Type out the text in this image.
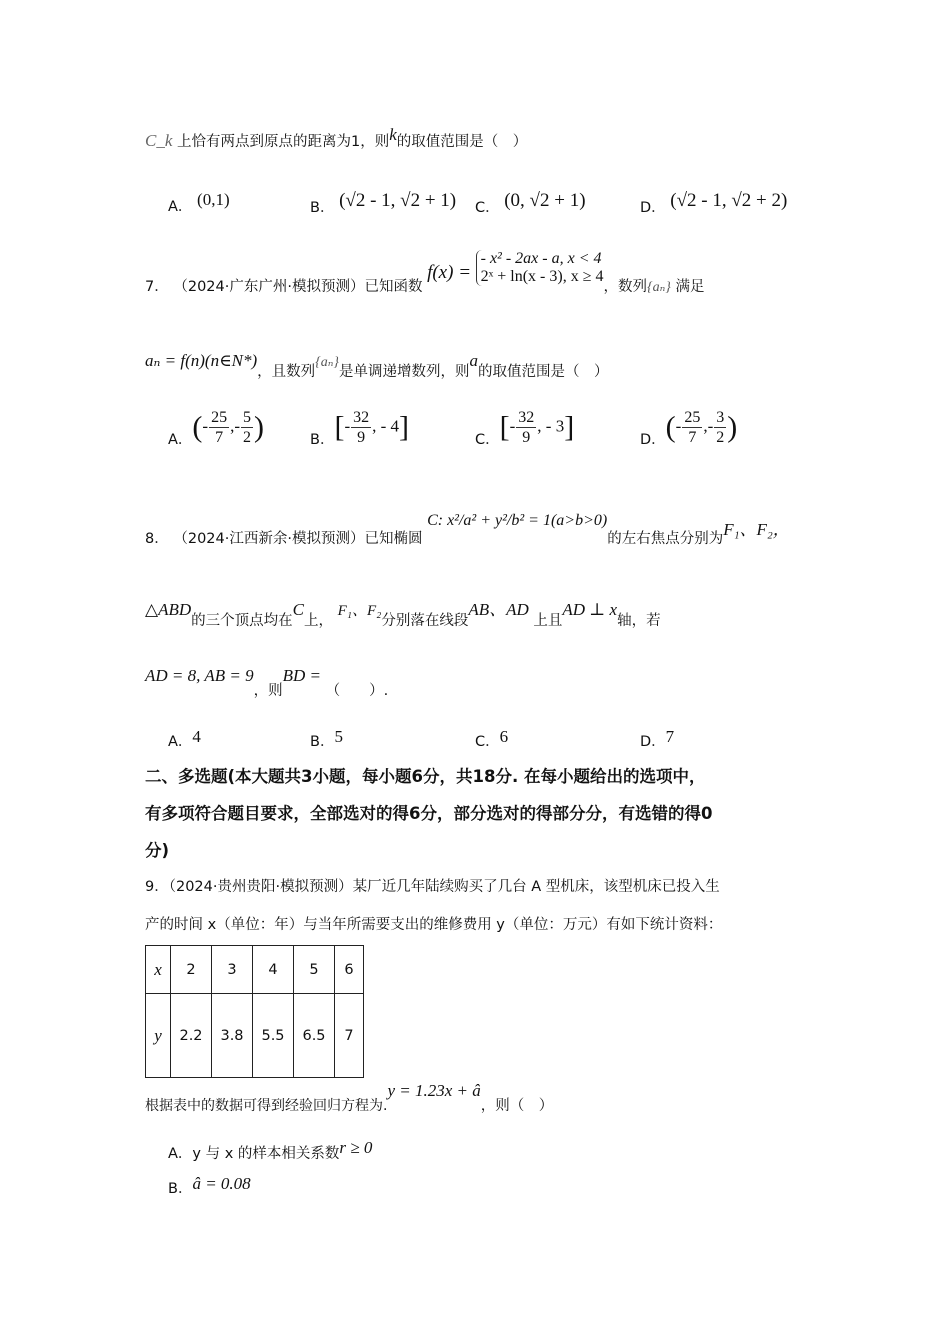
C_k 上恰有两点到原点的距离为1，则k的取值范围是（　）
A． (0,1)	B． (√2 - 1, √2 + 1) C． (0, √2 + 1)	D． (√2 - 1, √2 + 2)
7． （2024·广东广州·模拟预测）已知函数 f(x) =
- x² - 2ax - a, x < 4
2ˣ + ln(x - 3), x ≥ 4
，数列{aₙ} 满足
aₙ = f(n)(n∈N*)，且数列{aₙ}是单调递增数列，则a的取值范围是（　）
A．(- $\frac{25}{7}$ ,- $\frac{5}{2}$ )	B．[- $\frac{32}{9}$ , - 4]	C．[- $\frac{32}{9}$ , - 3]	D．(- $\frac{25}{7}$ ,- $\frac{3}{2}$ )
8． （2024·江西新余·模拟预测）已知椭圆 C: x²/a² + y²/b² = 1(a>b>0)的左右焦点分别为F₁、F₂，
△ABD的三个顶点均在C上， F₁、F₂分别落在线段AB、AD 上且AD ⊥ x轴，若
AD = 8, AB = 9，则BD = （　　）.
A．4	B．5	C．6	D．7
二、多选题(本大题共3小题，每小题6分，共18分. 在每小题给出的选项中，
有多项符合题目要求，全部选对的得6分，部分选对的得部分分，有选错的得0
分)
9．（2024·贵州贵阳·模拟预测）某厂近几年陆续购买了几台 A 型机床，该型机床已投入生
产的时间 x（单位：年）与当年所需要支出的维修费用 y（单位：万元）有如下统计资料：
x	2	3	4	5	6
y	2.2	3.8	5.5	6.5	7
根据表中的数据可得到经验回归方程为.y = 1.23x + â，则（　）
A．y 与 x 的样本相关系数r ≥ 0
B．â = 0.08
